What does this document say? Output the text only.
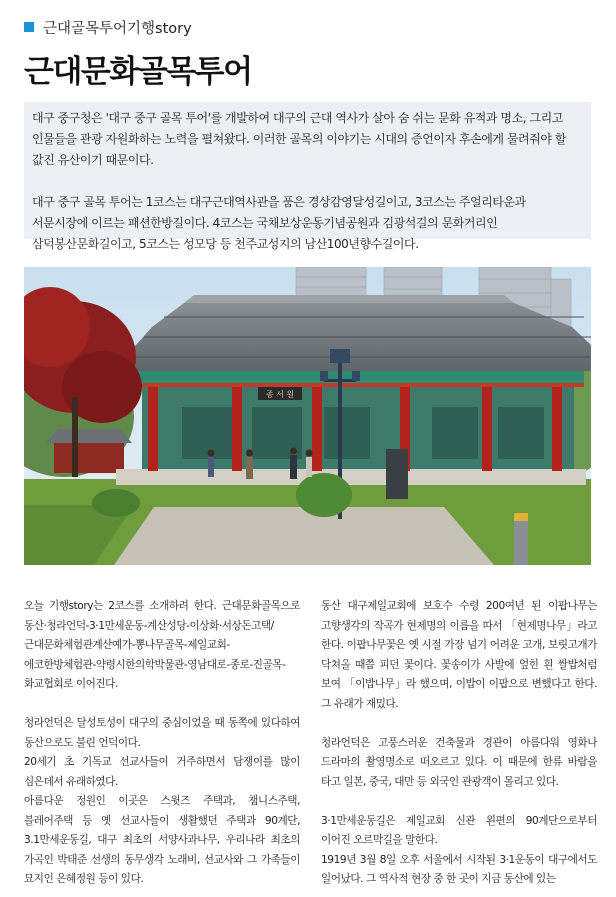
근대골목투어기행story
근대문화골목투어

대구 중구청은 '대구 중구 골목 투어'를 개발하여 대구의 근대 역사가 살아 숨 쉬는 문화 유적과 명소, 그리고 인물들을 관광 자원화하는 노력을 펼쳐왔다. 이러한 골목의 이야기는 시대의 증언이자 후손에게 물려줘야 할 값진 유산이기 때문이다.

대구 중구 골목 투어는 1코스는 대구근대역사관을 품은 경상감영달성길이고, 3코스는 주얼리타운과 서문시장에 이르는 패션한방길이다. 4코스는 국채보상운동기념공원과 김광석길의 문화거리인 삼덕봉산문화길이고, 5코스는 성모당 등 천주교성지의 남산100년향수길이다.

종 서 원

오늘 기행story는 2코스를 소개하려 한다. 근대문화골목으로 동산·청라언덕-3·1만세운동-계산성당-이상화·서상돈고택/근대문화체험관계산예가-뽕나무골목-제일교회-에코한방체험관-약령시한의학박물관-영남대로-종로-진골목-화교협회로 이어진다.

청라언덕은 달성토성이 대구의 중심이었을 때 동쪽에 있다하여 동산으로도 불린 언덕이다.

20세기 초 기독교 선교사들이 거주하면서 담쟁이를 많이 심은데서 유래하였다.

아름다운 정원인 이곳은 스윗즈 주택과, 챔니스주택, 블레어주택 등 옛 선교사들이 생활했던 주택과 90계단, 3.1만세운동길, 대구 최초의 서양사과나무, 우리나라 최초의 가곡인 박태준 선생의 동무생각 노래비, 선교사와 그 가족들이 묘지인 은혜정원 등이 있다.

동산 대구제일교회에 보호수 수령 200여년 된 이팝나무는 고향생각의 작곡가 현제명의 이름을 따서 「현제명나무」라고 한다. 이팝나무꽃은 옛 시절 가장 넘기 어려운 고개, 보릿고개가 닥쳐올 때쯤 피던 꽃이다. 꽃송이가 사발에 엎힌 흰 쌀밥처럼 보여 「이밥나무」라 했으며, 이밥이 이팝으로 변했다고 한다. 그 유래가 재밌다.

청라언덕은 고풍스러운 건축물과 경관이 아름다워 영화나 드라마의 촬영명소로 떠오르고 있다. 이 때문에 한류 바람을 타고 일본, 중국, 대만 등 외국인 관광객이 몰리고 있다.

3·1만세운동길은 제일교회 신관 왼편의 90계단으로부터 이어진 오르막길을 말한다.

1919년 3월 8일 오후 서울에서 시작된 3·1운동이 대구에서도 일어났다. 그 역사적 현장 중 한 곳이 지금 동산에 있는
